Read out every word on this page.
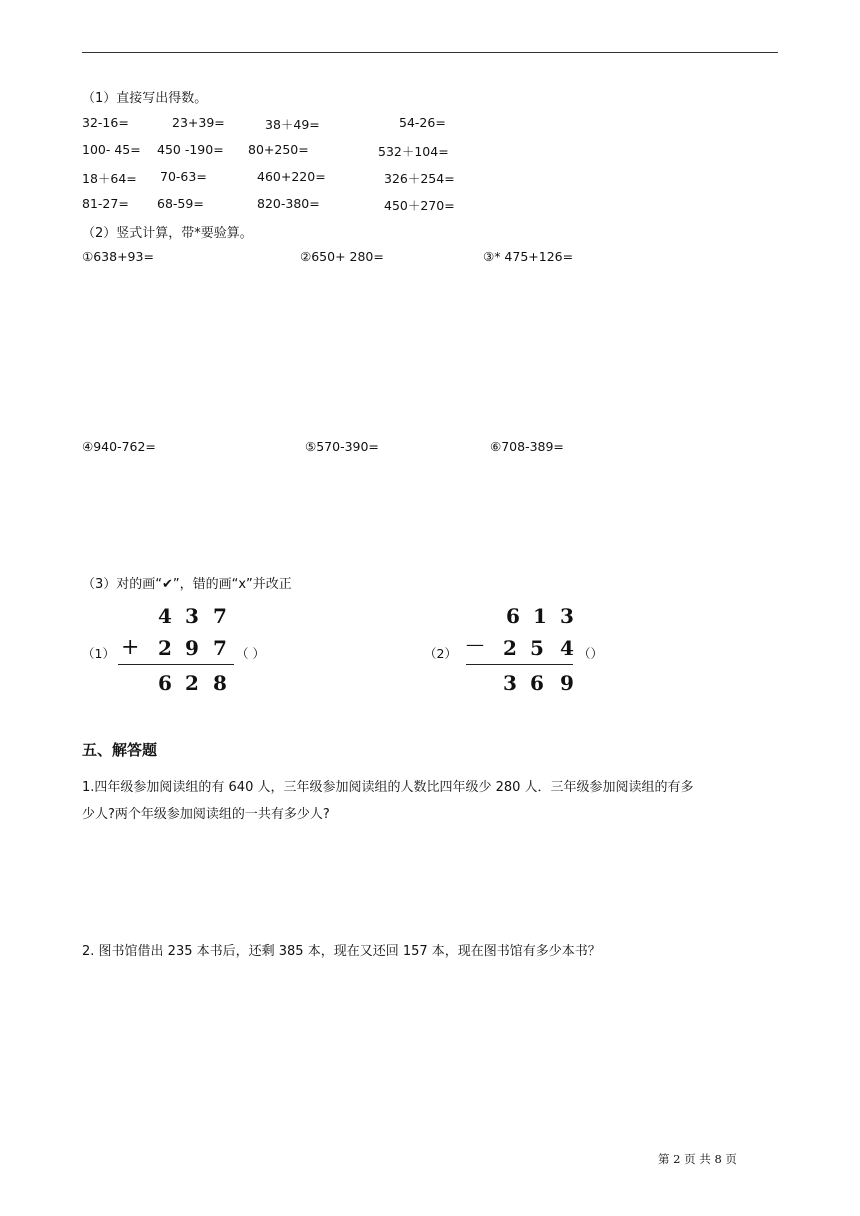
（1）直接写出得数。
32-16=	23+39=	38＋49=	54-26=
100- 45= 450 -190= 80+250=	532＋104=
18＋64= 70-63=	460+220=	326＋254=
81-27= 68-59=	820-380=	450＋270=
（2）竖式计算，带*要验算。
①638+93=	②650+ 280=	③* 475+126=
④940-762=	⑤570-390=	⑥708-389=
（3）对的画“✔”，错的画“x”并改正
（1）
4 3 7
+ 2 9 7
6 2 8
（ ）	（2）
6 1 3
— 2 5 4
3 6 9
（）
五、解答题
1.四年级参加阅读组的有 640 人，三年级参加阅读组的人数比四年级少 280 人．三年级参加阅读组的有多
少人?两个年级参加阅读组的一共有多少人?
2. 图书馆借出 235 本书后，还剩 385 本，现在又还回 157 本，现在图书馆有多少本书？
第 2 页 共 8 页
